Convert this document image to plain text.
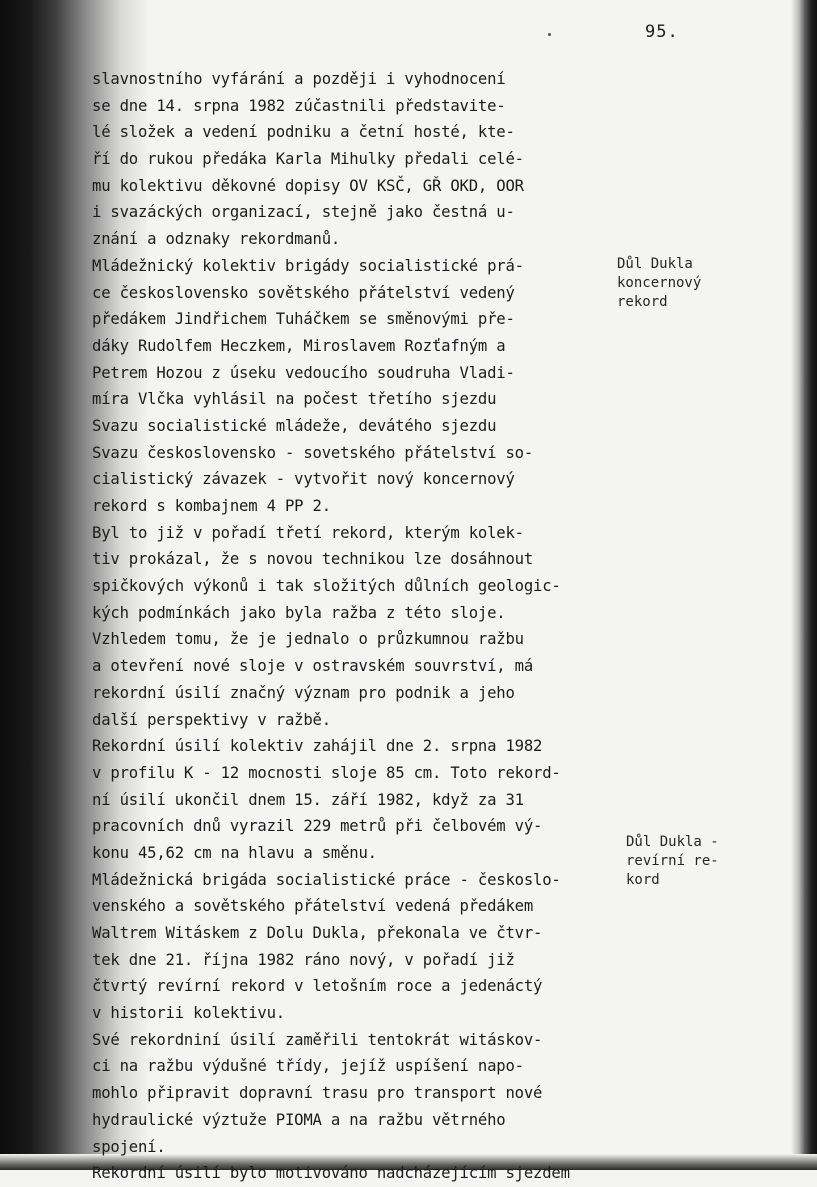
95.
slavnostního vyfárání a později i vyhodnocení
se dne 14. srpna 1982 zúčastnili představite-
lé složek a vedení podniku a četní hosté, kte-
ří do rukou předáka Karla Mihulky předali celé-
mu kolektivu děkovné dopisy OV KSČ, GŘ OKD, OOR
i svazáckých organizací, stejně jako čestná u-
znání a odznaky rekordmanů.
Mládežnický kolektiv brigády socialistické prá-
ce československo sovětského přátelství vedený
předákem Jindřichem Tuháčkem se směnovými pře-
dáky Rudolfem Heczkem, Miroslavem Rozťafným a
Petrem Hozou z úseku vedoucího soudruha Vladi-
míra Vlčka vyhlásil na počest třetího sjezdu
Svazu socialistické mládeže, devátého sjezdu
Svazu československo - sovetského přátelství so-
cialistický závazek - vytvořit nový koncernový
rekord s kombajnem 4 PP 2.
Byl to již v pořadí třetí rekord, kterým kolek-
tiv prokázal, že s novou technikou lze dosáhnout
spičkových výkonů i tak složitých důlních geologic-
kých podmínkách jako byla ražba z této sloje.
Vzhledem tomu, že je jednalo o průzkumnou ražbu
a otevření nové sloje v ostravském souvrství, má
rekordní úsilí značný význam pro podnik a jeho
další perspektivy v ražbě.
Rekordní úsilí kolektiv zahájil dne 2. srpna 1982
v profilu K - 12 mocnosti sloje 85 cm. Toto rekord-
ní úsilí ukončil dnem 15. září 1982, když za 31
pracovních dnů vyrazil 229 metrů při čelbovém vý-
konu 45,62 cm na hlavu a směnu.
Mládežnická brigáda socialistické práce - českoslo-
venského a sovětského přátelství vedená předákem
Waltrem Witáskem z Dolu Dukla, překonala ve čtvr-
tek dne 21. října 1982 ráno nový, v pořadí již
čtvrtý revírní rekord v letošním roce a jedenáctý
v historii kolektivu.
Své rekordniní úsilí zaměřili tentokrát witáskov-
ci na ražbu výdušné třídy, jejíž uspíšení napo-
mohlo připravit dopravní trasu pro transport nové
hydraulické výztuže PIOMA a na ražbu větrného
spojení.
Rekordní úsilí bylo motivováno nadcházejícím sjezdem
Důl Dukla
koncernový
rekord
Důl Dukla -
revírní re-
kord
